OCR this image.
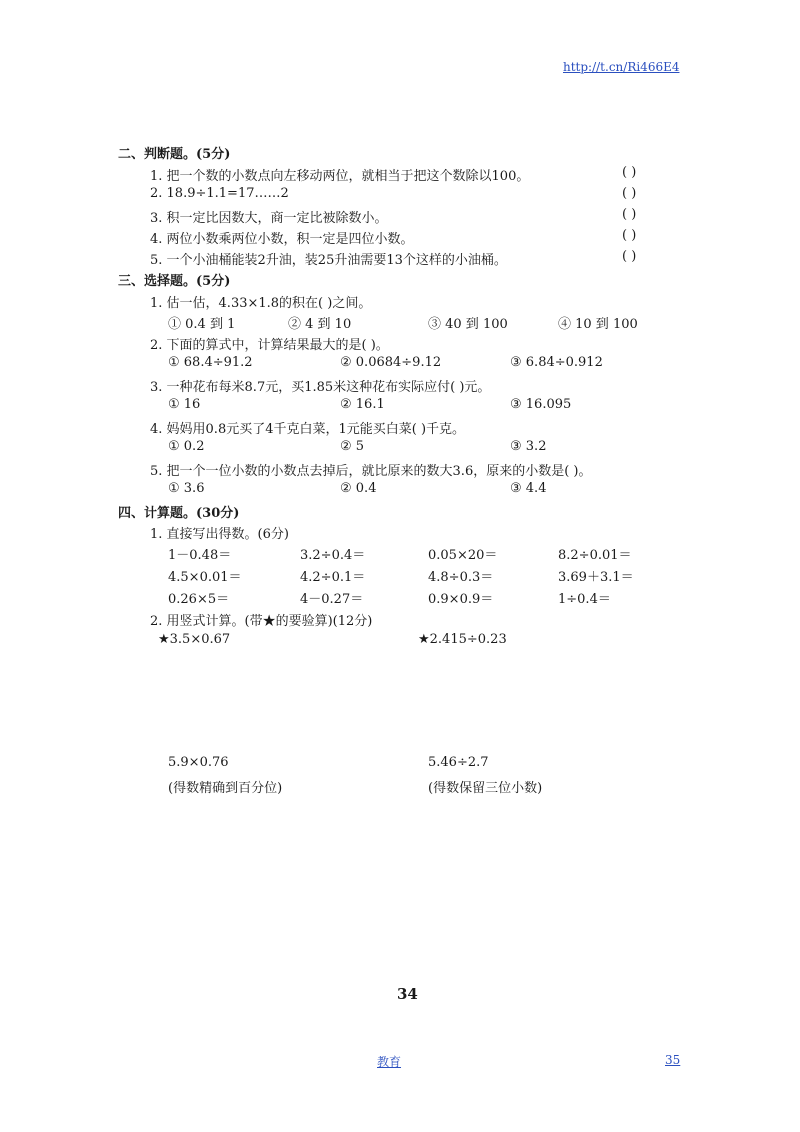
http://t.cn/Ri466E4
二、判断题。(5分)
1. 把一个数的小数点向左移动两位，就相当于把这个数除以100。	( )
2. 18.9÷1.1=17……2	( )
3. 积一定比因数大，商一定比被除数小。	( )
4. 两位小数乘两位小数，积一定是四位小数。	( )
5. 一个小油桶能装2升油，装25升油需要13个这样的小油桶。	( )
三、选择题。(5分)
1. 估一估，4.33×1.8的积在( )之间。
① 0.4 到 1	② 4 到 10	③ 40 到 100	④ 10 到 100
2. 下面的算式中，计算结果最大的是( )。
① 68.4÷91.2	② 0.0684÷9.12	③ 6.84÷0.912
3. 一种花布每米8.7元，买1.85米这种花布实际应付( )元。
① 16	② 16.1	③ 16.095
4. 妈妈用0.8元买了4千克白菜，1元能买白菜( )千克。
① 0.2	② 5	③ 3.2
5. 把一个一位小数的小数点去掉后，就比原来的数大3.6，原来的小数是( )。
① 3.6	② 0.4	③ 4.4
四、计算题。(30分)
1. 直接写出得数。(6分)
1－0.48＝	3.2÷0.4＝	0.05×20＝	8.2÷0.01＝
4.5×0.01＝	4.2÷0.1＝	4.8÷0.3＝	3.69＋3.1＝
0.26×5＝	4－0.27＝	0.9×0.9＝	1÷0.4＝
2. 用竖式计算。(带★的要验算)(12分)
★3.5×0.67	★2.415÷0.23
5.9×0.76
(得数精确到百分位)
5.46÷2.7
(得数保留三位小数)
34
教育	35
